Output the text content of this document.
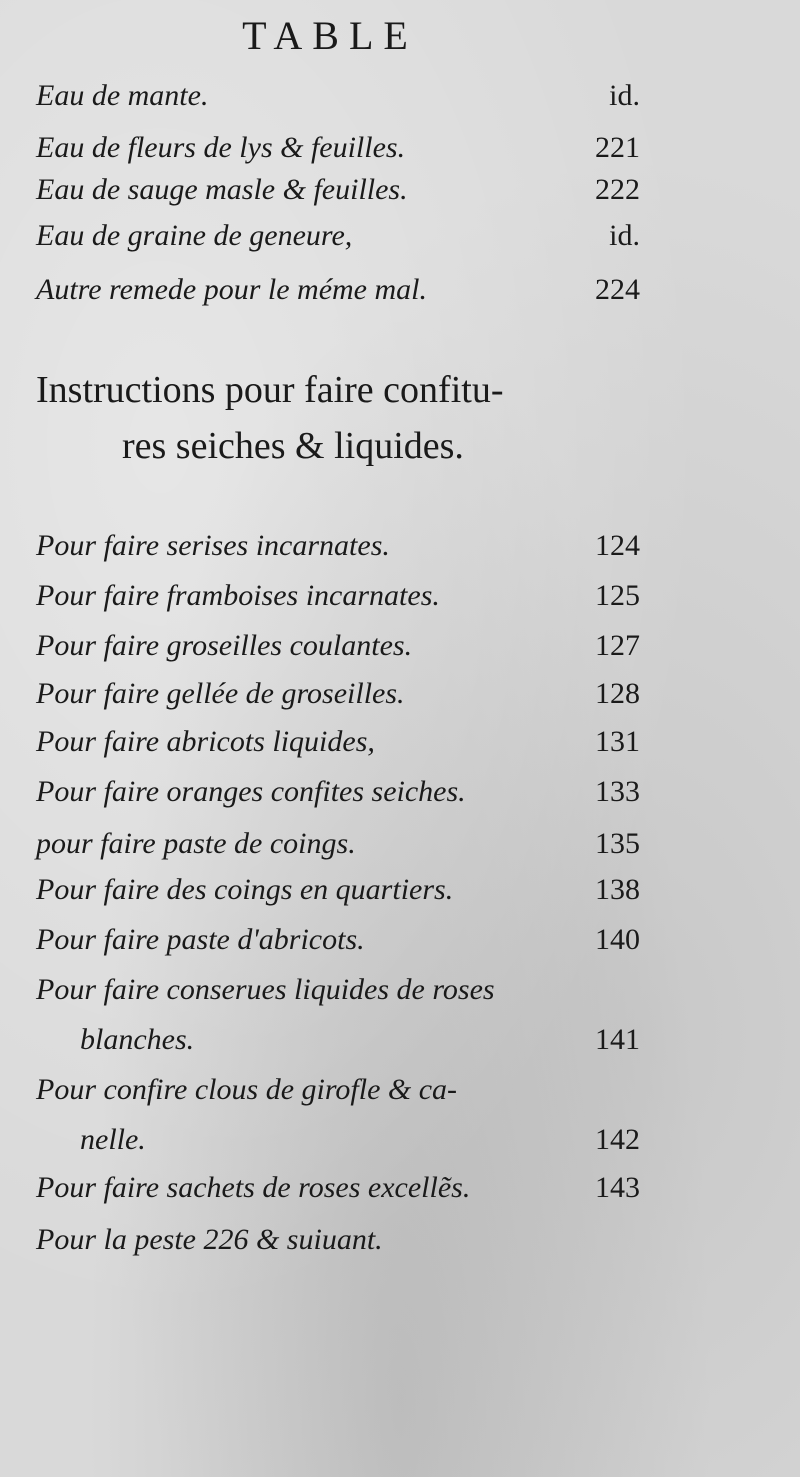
TABLE
Eau de mante.	id.
Eau de fleurs de lys & feuilles.	221
Eau de sauge masle & feuilles.	222
Eau de graine de geneure,	id.
Autre remede pour le méme mal.	224
Instructions pour faire confitu-
res seiches & liquides.
Pour faire serises incarnates.	124
Pour faire framboises incarnates.	125
Pour faire groseilles coulantes.	127
Pour faire gellée de groseilles.	128
Pour faire abricots liquides,	131
Pour faire oranges confites seiches.	133
pour faire paste de coings.	135
Pour faire des coings en quartiers.	138
Pour faire paste d'abricots.	140
Pour faire conserues liquides de roses
blanches.	141
Pour confire clous de girofle & ca-
nelle.	142
Pour faire sachets de roses excellẽs.	143
Pour la peste 226 & suiuant.
